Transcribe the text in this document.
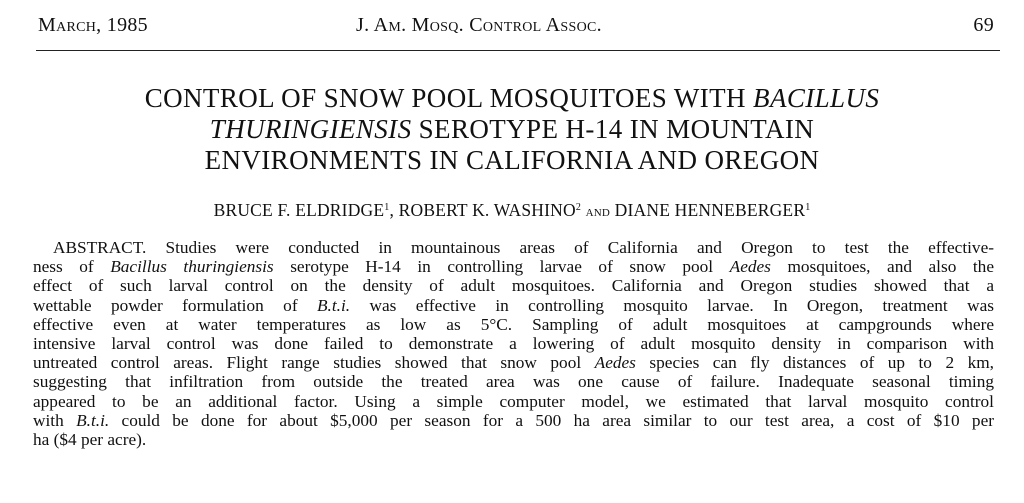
March, 1985	J. Am. Mosq. Control Assoc.	69
CONTROL OF SNOW POOL MOSQUITOES WITH BACILLUS
THURINGIENSIS SEROTYPE H-14 IN MOUNTAIN
ENVIRONMENTS IN CALIFORNIA AND OREGON
BRUCE F. ELDRIDGE$^1$, ROBERT K. WASHINO$^2$ and DIANE HENNEBERGER$^1$
ABSTRACT. Studies were conducted in mountainous areas of California and Oregon to test the effective-
ness of Bacillus thuringiensis serotype H-14 in controlling larvae of snow pool Aedes mosquitoes, and also the
effect of such larval control on the density of adult mosquitoes. California and Oregon studies showed that a
wettable powder formulation of B.t.i. was effective in controlling mosquito larvae. In Oregon, treatment was
effective even at water temperatures as low as 5°C. Sampling of adult mosquitoes at campgrounds where
intensive larval control was done failed to demonstrate a lowering of adult mosquito density in comparison with
untreated control areas. Flight range studies showed that snow pool Aedes species can fly distances of up to 2 km,
suggesting that infiltration from outside the treated area was one cause of failure. Inadequate seasonal timing
appeared to be an additional factor. Using a simple computer model, we estimated that larval mosquito control
with B.t.i. could be done for about $5,000 per season for a 500 ha area similar to our test area, a cost of $10 per
ha ($4 per acre).
